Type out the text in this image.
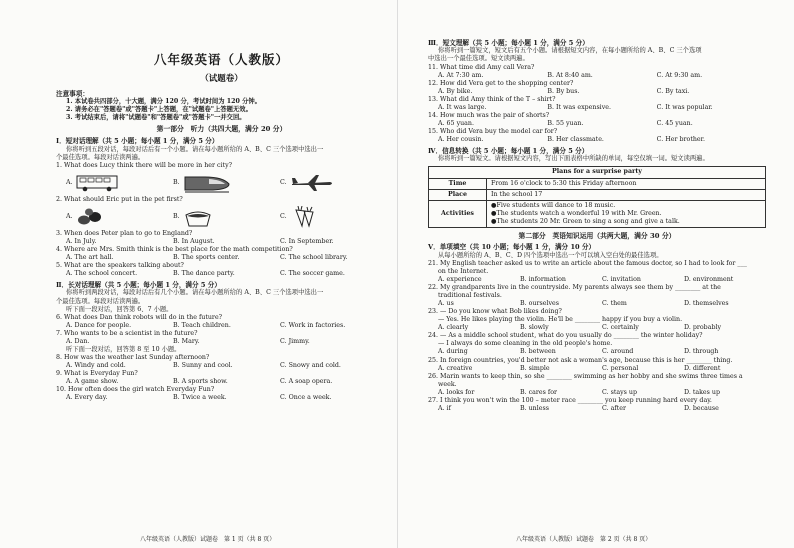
八年级英语（人教版）
（试题卷）
注意事项：
1. 本试卷共四部分，十大题，满分 120 分，考试时间为 120 分钟。
2. 请务必在"答题卷"或"答题卡"上答题，在"试题卷"上答题无效。
3. 考试结束后，请将"试题卷"和"答题卷"或"答题卡"一并交回。
第一部分　听力（共四大题，满分 20 分）
Ⅰ．短对话理解（共 5 小题；每小题 1 分，满分 5 分）
你将听到五段对话，每段对话后有一个小题。请在每小题所给的 A、B、C 三个选项中选出一
个最佳选项。每段对话读两遍。
1. What does Lucy think there will be more in her city?
A.	B.	C.
2. What should Eric put in the pet first?
A.	B.	C.
3. When does Peter plan to go to England?
A. In July.	B. In August.	C. In September.
4. Where are Mrs. Smith think is the best place for the math competition?
A. The art hall.	B. The sports center.	C. The school library.
5. What are the speakers talking about?
A. The school concert.	B. The dance party.	C. The soccer game.
Ⅱ．长对话理解（共 5 小题；每小题 1 分，满分 5 分）
你将听到两段对话，每段对话后有几个小题。请在每小题所给的 A、B、C 三个选项中选出一
个最佳选项。每段对话读两遍。
听下面一段对话，回答第 6、7 小题。
6. What does Dan think robots will do in the future?
A. Dance for people.	B. Teach children.	C. Work in factories.
7. Who wants to be a scientist in the future?
A. Dan.	B. Mary.	C. Jimmy.
听下面一段对话，回答第 8 至 10 小题。
8. How was the weather last Sunday afternoon?
A. Windy and cold.	B. Sunny and cool.	C. Snowy and cold.
9. What is Everyday Fun?
A. A game show.	B. A sports show.	C. A soap opera.
10. How often does the girl watch Everyday Fun?
A. Every day.	B. Twice a week.	C. Once a week.
八年级英语（人教版）试题卷　第 1 页（共 8 页）
Ⅲ．短文理解（共 5 小题；每小题 1 分，满分 5 分）
你将听到一篇短文，短文后有五个小题。请根据短文内容，在每小题所给的 A、B、C 三个选项
中选出一个最佳选项。短文读两遍。
11. What time did Amy call Vera?
A. At 7:30 am.	B. At 8:40 am.	C. At 9:30 am.
12. How did Vera get to the shopping center?
A. By bike.	B. By bus.	C. By taxi.
13. What did Amy think of the T – shirt?
A. It was large.	B. It was expensive.	C. It was popular.
14. How much was the pair of shorts?
A. 65 yuan.	B. 55 yuan.	C. 45 yuan.
15. Who did Vera buy the model car for?
A. Her cousin.	B. Her classmate.	C. Her brother.
Ⅳ．信息转换（共 5 小题；每小题 1 分，满分 5 分）
你将听到一篇短文。请根据短文内容，写出下面表格中所缺的单词，每空仅填一词。短文读两遍。
Plans for a surprise party	
Time	From 16 o'clock to 5:30 this Friday afternoon
Place	In the school 17
Activities	●Five students will dance to 18 music.
●The students watch a wonderful 19 with Mr. Green.
●The students 20 Mr. Green to sing a song and give a talk.
第二部分　英语知识运用（共两大题，满分 30 分）
Ⅴ．单项填空（共 10 小题；每小题 1 分，满分 10 分）
从每小题所给的 A、B、C、D 四个选项中选出一个可以填入空白处的最佳选项。
21. My English teacher asked us to write an article about the famous doctor, so I had to look for ___
on the Internet.
A. experience	B. information	C. invitation	D. environment
22. My grandparents live in the countryside. My parents always see them by ________ at the
traditional festivals.
A. us	B. ourselves	C. them	D. themselves
23. — Do you know what Bob likes doing?
— Yes. He likes playing the violin. He'll be ________ happy if you buy a violin.
A. clearly	B. slowly	C. certainly	D. probably
24. — As a middle school student, what do you usually do ________ the winter holiday?
— I always do some cleaning in the old people's home.
A. during	B. between	C. around	D. through
25. In foreign countries, you'd better not ask a woman's age, because this is her ________ thing.
A. creative	B. simple	C. personal	D. different
26. Marin wants to keep thin, so she ________ swimming as her hobby and she swims three times a
week.
A. looks for	B. cares for	C. stays up	D. takes up
27. I think you won't win the 100 – meter race ________ you keep running hard every day.
A. if	B. unless	C. after	D. because
八年级英语（人教版）试题卷　第 2 页（共 8 页）
